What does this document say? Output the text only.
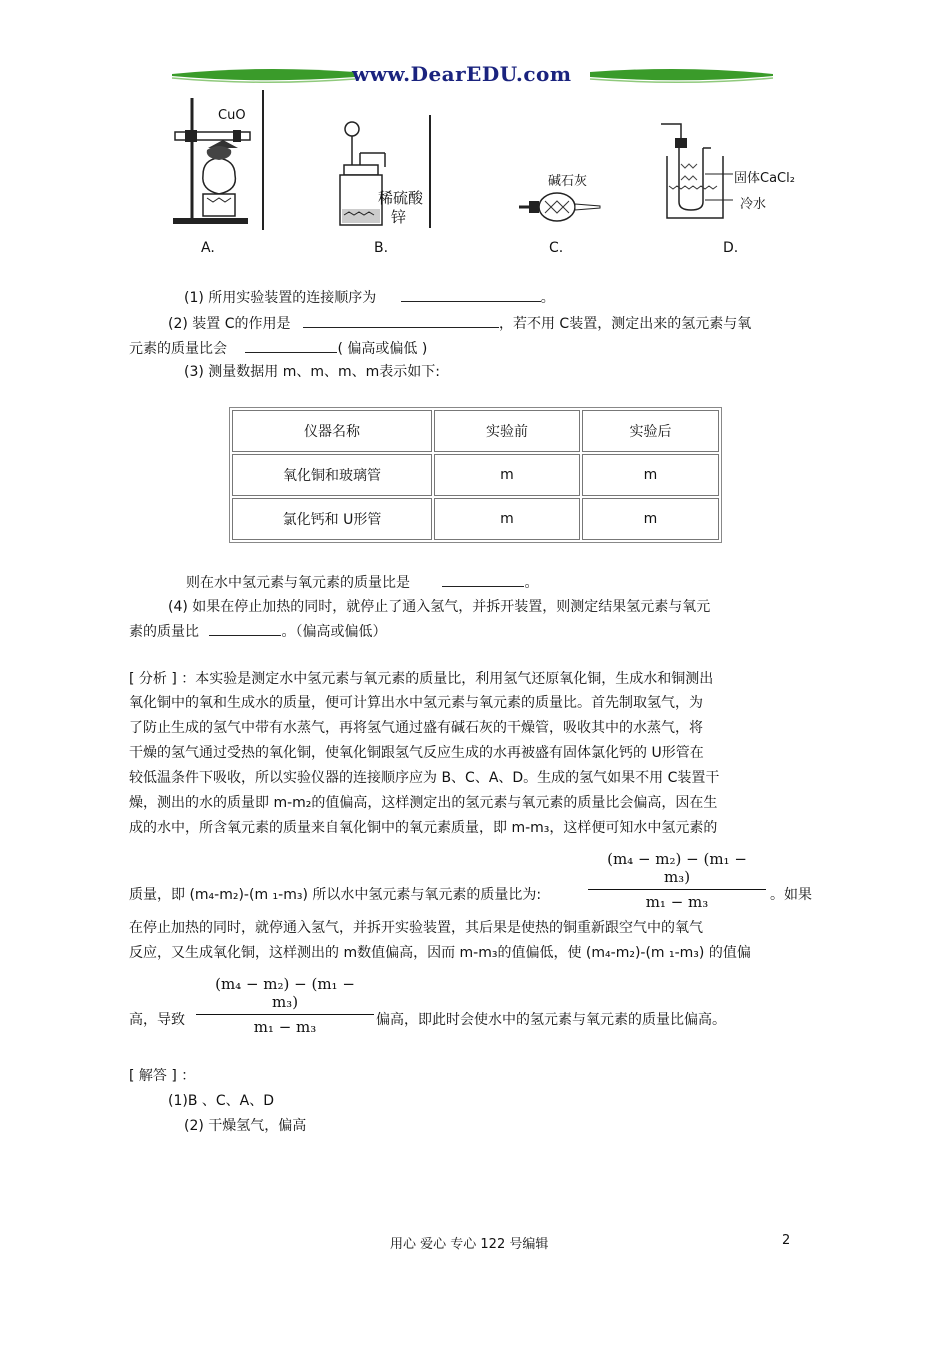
www.DearEDU.com
CuO
稀硫酸
锌
碱石灰	固体CaCl₂
冷水
A.	B.	C.	D.
(1) 所用实验装置的连接顺序为	。
(2) 装置 C的作用是	，若不用 C装置，测定出来的氢元素与氧
元素的质量比会	( 偏高或偏低 )
(3) 测量数据用 m、m、m、m表示如下:
仪器名称	实验前	实验后
氧化铜和玻璃管	m	m
氯化钙和 U形管	m	m
则在水中氢元素与氧元素的质量比是	。
(4) 如果在停止加热的同时，就停止了通入氢气，并拆开装置，则测定结果氢元素与氧元
素的质量比	。（偏高或偏低）
[ 分析 ] ：本实验是测定水中氢元素与氧元素的质量比，利用氢气还原氧化铜，生成水和铜测出
氧化铜中的氧和生成水的质量，便可计算出水中氢元素与氧元素的质量比。首先制取氢气，为
了防止生成的氢气中带有水蒸气，再将氢气通过盛有碱石灰的干燥管，吸收其中的水蒸气，将
干燥的氢气通过受热的氧化铜，使氧化铜跟氢气反应生成的水再被盛有固体氯化钙的 U形管在
较低温条件下吸收，所以实验仪器的连接顺序应为 B、C、A、D。生成的氢气如果不用 C装置干
燥，测出的水的质量即 m-m₂的值偏高，这样测定出的氢元素与氧元素的质量比会偏高，因在生
成的水中，所含氧元素的质量来自氧化铜中的氧元素质量，即 m-m₃，这样便可知水中氢元素的
$\frac{\text{(m₄ − m₂) − (m₁ − m₃)}}{\text{m₁ − m₃}}$
质量，即 (m₄-m₂)-(m ₁-m₃) 所以水中氢元素与氧元素的质量比为:	。如果
在停止加热的同时，就停通入氢气，并拆开实验装置，其后果是使热的铜重新跟空气中的氧气
反应，又生成氧化铜，这样测出的 m数值偏高，因而 m-m₃的值偏低，使 (m₄-m₂)-(m ₁-m₃) 的值偏
$\frac{\text{(m₄ − m₂) − (m₁ − m₃)}}{\text{m₁ − m₃}}$
高，导致	偏高，即此时会使水中的氢元素与氧元素的质量比偏高。
[ 解答 ] ：
(1)B 、C、A、D
(2) 干燥氢气，偏高
用心 爱心 专心 122 号编辑	2
